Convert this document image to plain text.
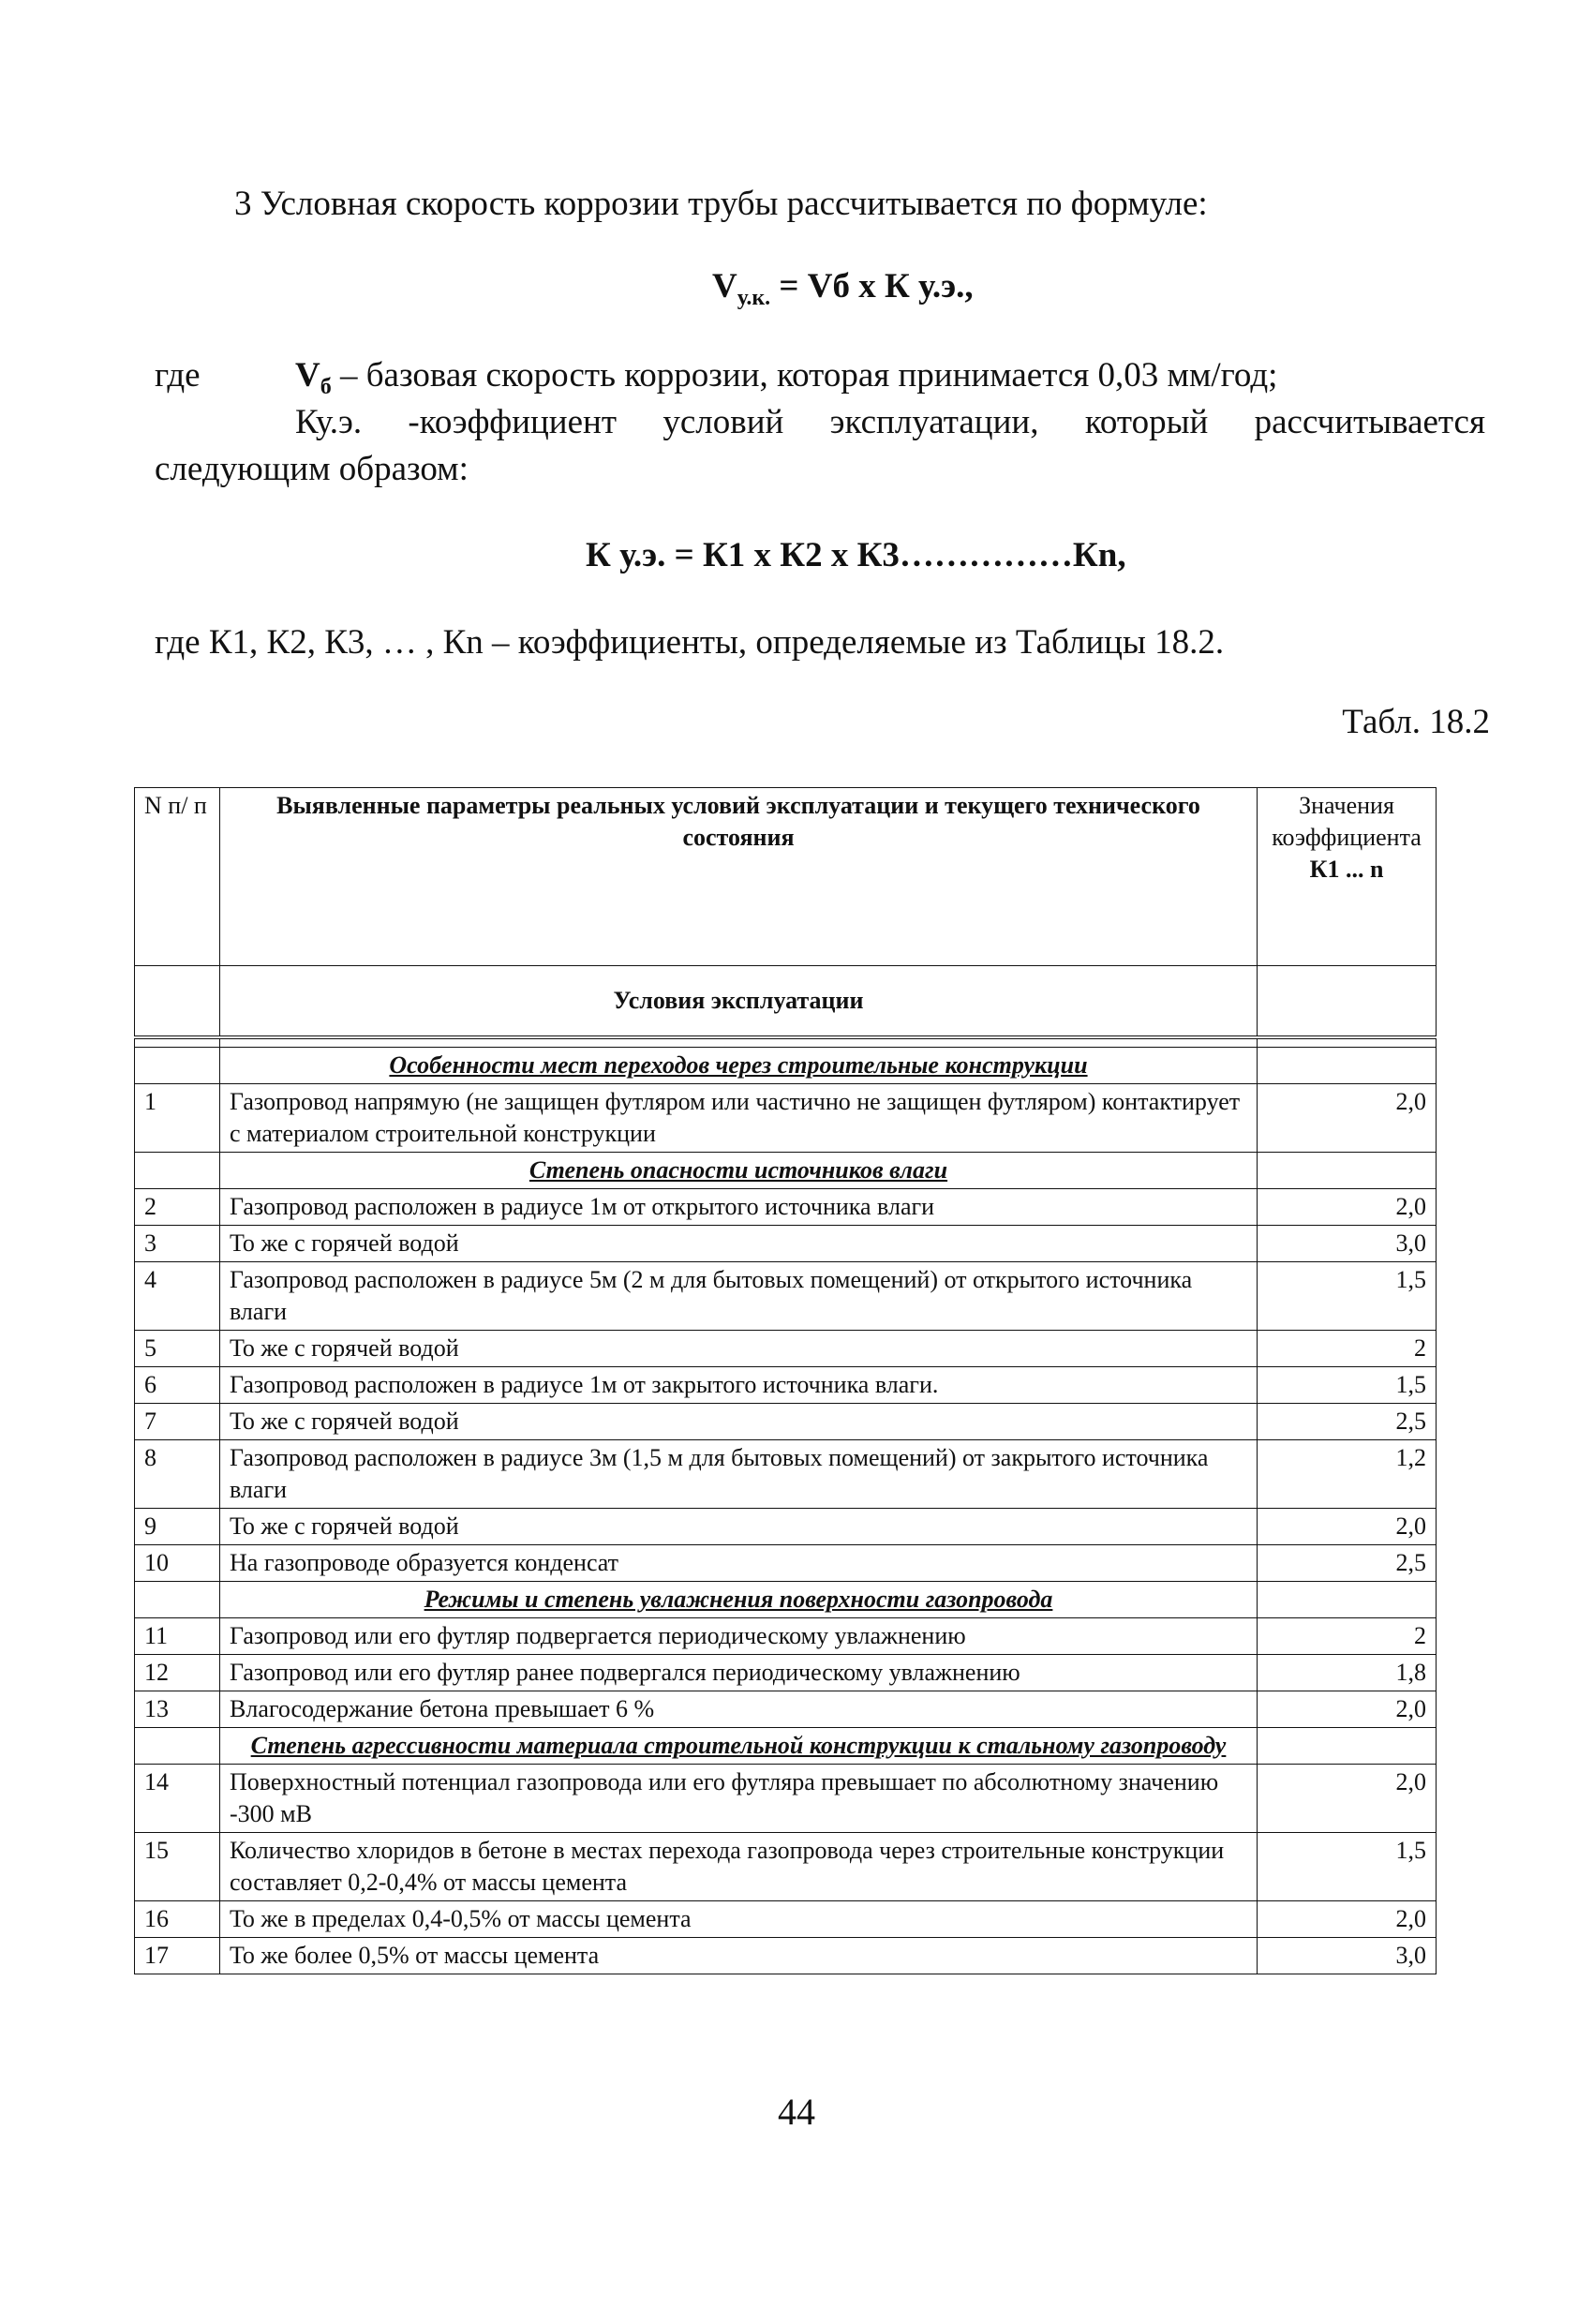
3 Условная скорость коррозии трубы рассчитывается по формуле:
$V_{у.к.}$ = Vб x К у.э.,
где	$V_б$ – базовая скорость коррозии, которая принимается 0,03 мм/год;
Ку.э. -коэффициент условий эксплуатации, который рассчитывается
следующим образом:
К у.э. = К1 x К2 x К3……………Кn,
где К1, К2, К3, … , Кn – коэффициенты, определяемые из Таблицы 18.2.
Табл. 18.2
N п/ п	Выявленные параметры реальных условий эксплуатации и текущего технического состояния	Значения коэффициента
К1 ... n

	Условия эксплуатации	

	Особенности мест переходов через строительные конструкции	
1	Газопровод напрямую (не защищен футляром или частично не защищен футляром) контактирует с материалом строительной конструкции	2,0
	Степень опасности источников влаги	
2	Газопровод расположен в радиусе 1м от открытого источника влаги	2,0
3	То же с горячей водой	3,0
4	Газопровод расположен в радиусе 5м (2 м для бытовых помещений) от открытого источника влаги	1,5
5	То же с горячей водой	2
6	Газопровод расположен в радиусе 1м от закрытого источника влаги.	1,5
7	То же с горячей водой	2,5
8	Газопровод расположен в радиусе 3м (1,5 м для бытовых помещений) от закрытого источника влаги	1,2
9	То же с горячей водой	2,0
10	На газопроводе образуется конденсат	2,5
	Режимы и степень увлажнения поверхности газопровода	
11	Газопровод или его футляр подвергается периодическому увлажнению	2
12	Газопровод или его футляр ранее подвергался периодическому увлажнению	1,8
13	Влагосодержание бетона превышает 6 %	2,0
	Степень агрессивности материала строительной конструкции к стальному газопроводу	
14	Поверхностный потенциал газопровода или его футляра превышает по абсолютному значению -300 мВ	2,0
15	Количество хлоридов в бетоне в местах перехода газопровода через строительные конструкции составляет 0,2-0,4% от массы цемента	1,5
16	То же в пределах 0,4-0,5% от массы цемента	2,0
17	То же более 0,5% от массы цемента	3,0
44
